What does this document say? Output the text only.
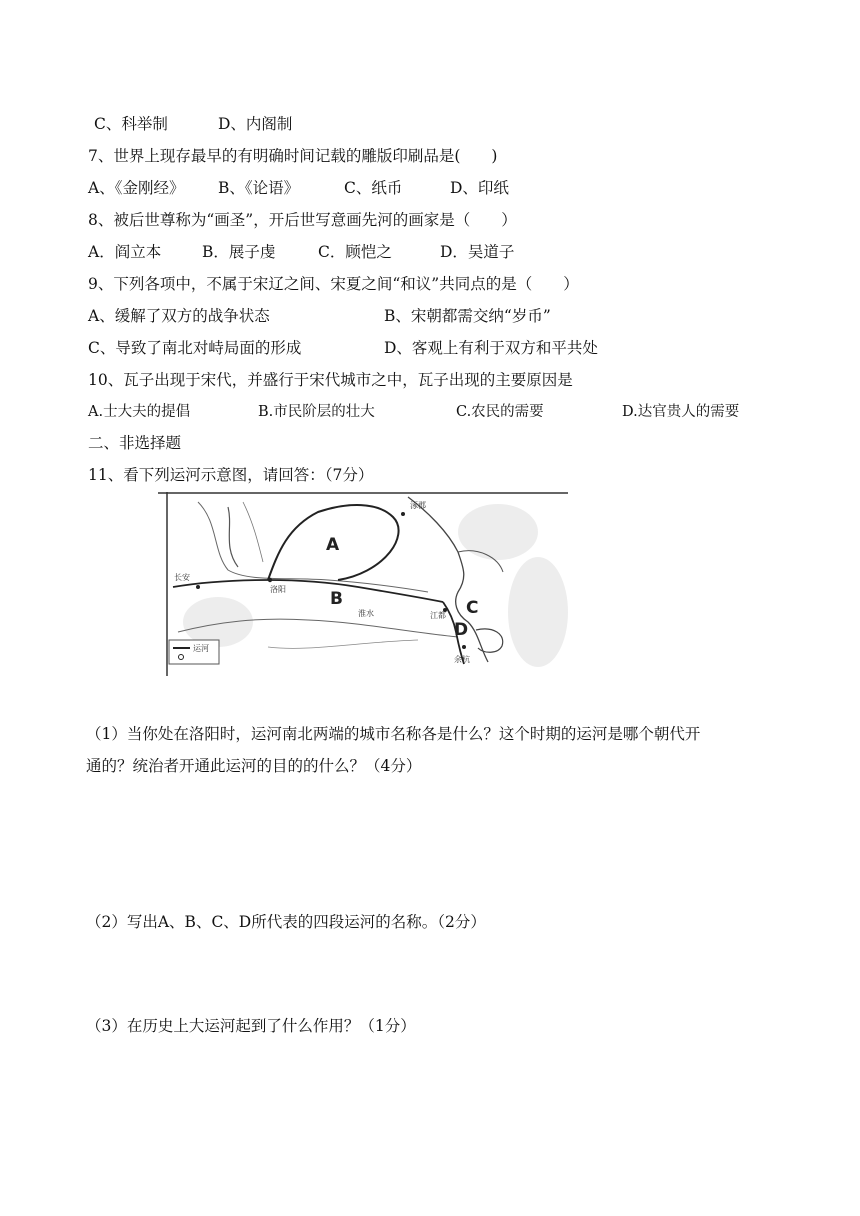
C、科举制	D、内阁制
7、世界上现存最早的有明确时间记载的雕版印刷品是(　　)
A、《金刚经》 B、《论语》	C、纸币	D、印纸
8、被后世尊称为“画圣”，开后世写意画先河的画家是（　　）
A．阎立本	B．展子虔	C．顾恺之	D．吴道子
9、下列各项中，不属于宋辽之间、宋夏之间“和议”共同点的是（　　）
A、缓解了双方的战争状态	B、宋朝都需交纳“岁币”
C、导致了南北对峙局面的形成	D、客观上有利于双方和平共处
10、瓦子出现于宋代，并盛行于宋代城市之中，瓦子出现的主要原因是
A.士大夫的提倡	B.市民阶层的壮大	C.农民的需要	D.达官贵人的需要
二、非选择题
11、看下列运河示意图，请回答：（7分）
A
B	C
D
涿郡
长安
洛阳
淮水	江都
余杭
运河
（1）当你处在洛阳时，运河南北两端的城市名称各是什么？这个时期的运河是哪个朝代开
通的？统治者开通此运河的目的的什么？（4分）
（2）写出A、B、C、D所代表的四段运河的名称。（2分）
（3）在历史上大运河起到了什么作用？（1分）
